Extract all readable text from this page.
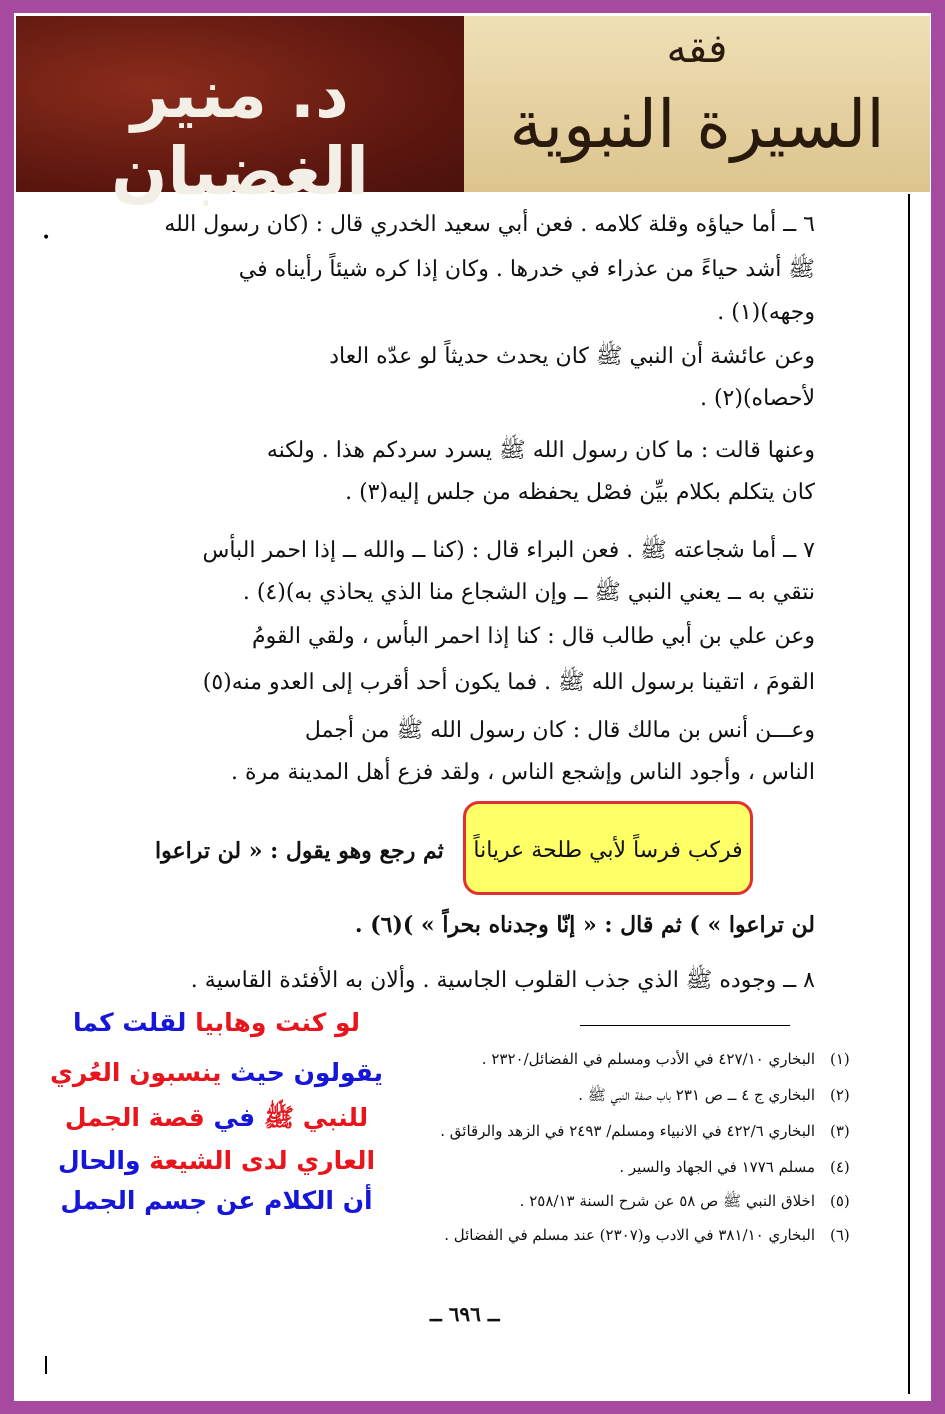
د. منير الغضبان
فقه
السيرة النبوية
•
٦ ــ أما حياؤه وقلة كلامه . فعن أبي سعيد الخدري قال : (كان رسول الله
ﷺ أشد حياءً من عذراء في خدرها . وكان إذا كره شيئاً رأيناه في
وجهه)(١) .
وعن عائشة أن النبي ﷺ كان يحدث حديثاً لو عدّه العاد
لأحصاه)(٢) .
وعنها قالت : ما كان رسول الله ﷺ يسرد سردكم هذا . ولكنه
كان يتكلم بكلام بيِّن فصْل يحفظه من جلس إليه(٣) .
٧ ــ أما شجاعته ﷺ . فعن البراء قال : (كنا ــ والله ــ إذا احمر البأس
نتقي به ــ يعني النبي ﷺ ــ وإن الشجاع منا الذي يحاذي به)(٤) .
وعن علي بن أبي طالب قال : كنا إذا احمر البأس ، ولقي القومُ
القومَ ، اتقينا برسول الله ﷺ . فما يكون أحد أقرب إلى العدو منه(٥)
وعـــن أنس بن مالك قال : كان رسول الله ﷺ من أجمل
الناس ، وأجود الناس وإشجع الناس ، ولقد فزع أهل المدينة مرة .
ثم رجع وهو يقول : « لن تراعوا
لن تراعوا » ) ثم قال : « إنّا وجدناه بحراً » )(٦) .
٨ ــ وجوده ﷺ الذي جذب القلوب الجاسية . وألان به الأفئدة القاسية .
فركب فرساً لأبي طلحة عرياناً
(١)
البخاري ٤٢٧/١٠ في الأدب ومسلم في الفضائل/٢٣٢٠ .
(٢)
البخاري ج ٤ ــ ص ٢٣١ باب صفة النبي ﷺ .
(٣)
البخاري ٤٢٢/٦ في الانبياء ومسلم/ ٢٤٩٣ في الزهد والرقائق .
(٤)
مسلم ١٧٧٦ في الجهاد والسير .
(٥)
اخلاق النبي ﷺ ص ٥٨ عن شرح السنة ٢٥٨/١٣ .
(٦)
البخاري ٣٨١/١٠ في الادب و(٢٣٠٧) عند مسلم في الفضائل .
لو كنت وهابيا لقلت كما
يقولون حيث ينسبون العُري
للنبي ﷺ في قصة الجمل
العاري لدى الشيعة والحال
أن الكلام عن جسم الجمل
ــ ٦٩٦ ــ
